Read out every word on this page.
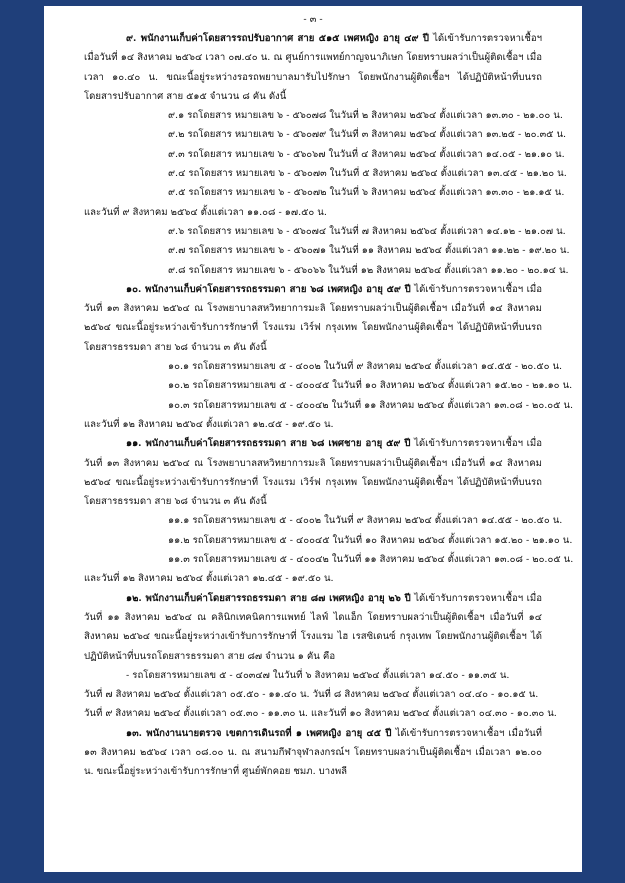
- ๓ -

๙. พนักงานเก็บค่าโดยสารรถปรับอากาศ สาย ๕๑๕ เพศหญิง อายุ ๔๙ ปี ได้เข้ารับการตรวจหาเชื้อฯ เมื่อวันที่ ๑๔ สิงหาคม ๒๕๖๔ เวลา ๐๗.๔๐ น. ณ ศูนย์การแพทย์กาญจนาภิเษก โดยทราบผลว่าเป็นผู้ติดเชื้อฯ เมื่อเวลา ๑๐.๔๐ น. ขณะนี้อยู่ระหว่างรอรถพยาบาลมารับไปรักษา โดยพนักงานผู้ติดเชื้อฯ ได้ปฏิบัติหน้าที่บนรถโดยสารปรับอากาศ สาย ๕๑๕ จำนวน ๘ คัน ดังนี้

๙.๑ รถโดยสาร หมายเลข ๖ - ๕๖๐๗๘ ในวันที่ ๒ สิงหาคม ๒๕๖๔ ตั้งแต่เวลา ๑๓.๓๐ - ๒๑.๐๐ น.
๙.๒ รถโดยสาร หมายเลข ๖ - ๕๖๐๗๙ ในวันที่ ๓ สิงหาคม ๒๕๖๔ ตั้งแต่เวลา ๑๓.๒๕ - ๒๐.๓๕ น.
๙.๓ รถโดยสาร หมายเลข ๖ - ๕๖๐๖๗ ในวันที่ ๔ สิงหาคม ๒๕๖๔ ตั้งแต่เวลา ๑๔.๐๕ - ๒๑.๑๐ น.
๙.๔ รถโดยสาร หมายเลข ๖ - ๕๖๐๗๓ ในวันที่ ๕ สิงหาคม ๒๕๖๔ ตั้งแต่เวลา ๑๓.๔๕ - ๒๑.๒๐ น.
๙.๕ รถโดยสาร หมายเลข ๖ - ๕๖๐๗๒ ในวันที่ ๖ สิงหาคม ๒๕๖๔ ตั้งแต่เวลา ๑๓.๓๐ - ๒๑.๑๕ น.
และวันที่ ๙ สิงหาคม ๒๕๖๔ ตั้งแต่เวลา ๑๑.๐๘ - ๑๗.๕๐ น.
๙.๖ รถโดยสาร หมายเลข ๖ - ๕๖๐๗๔ ในวันที่ ๗ สิงหาคม ๒๕๖๔ ตั้งแต่เวลา ๑๔.๑๒ - ๒๑.๐๗ น.
๙.๗ รถโดยสาร หมายเลข ๖ - ๕๖๐๗๑ ในวันที่ ๑๑ สิงหาคม ๒๕๖๔ ตั้งแต่เวลา ๑๑.๒๒ - ๑๙.๒๐ น.
๙.๘ รถโดยสาร หมายเลข ๖ - ๕๖๐๖๖ ในวันที่ ๑๒ สิงหาคม ๒๕๖๔ ตั้งแต่เวลา ๑๑.๒๐ - ๒๐.๑๔ น.

๑๐. พนักงานเก็บค่าโดยสารรถธรรมดา สาย ๖๘ เพศหญิง อายุ ๕๙ ปี ได้เข้ารับการตรวจหาเชื้อฯ เมื่อวันที่ ๑๓ สิงหาคม ๒๕๖๔ ณ โรงพยาบาลสหวิทยาการมะลิ โดยทราบผลว่าเป็นผู้ติดเชื้อฯ เมื่อวันที่ ๑๔ สิงหาคม ๒๕๖๔ ขณะนี้อยู่ระหว่างเข้ารับการรักษาที่ โรงแรม เวิร์ฟ กรุงเทพ โดยพนักงานผู้ติดเชื้อฯ ได้ปฏิบัติหน้าที่บนรถโดยสารธรรมดา สาย ๖๘ จำนวน ๓ คัน ดังนี้

๑๐.๑ รถโดยสารหมายเลข ๕ - ๔๐๐๒ ในวันที่ ๙ สิงหาคม ๒๕๖๔ ตั้งแต่เวลา ๑๔.๕๕ - ๒๐.๕๐ น.
๑๐.๒ รถโดยสารหมายเลข ๕ - ๔๐๐๔๕ ในวันที่ ๑๐ สิงหาคม ๒๕๖๔ ตั้งแต่เวลา ๑๕.๒๐ - ๒๑.๑๐ น.
๑๐.๓ รถโดยสารหมายเลข ๕ - ๔๐๐๔๒ ในวันที่ ๑๑ สิงหาคม ๒๕๖๔ ตั้งแต่เวลา ๑๓.๐๘ - ๒๐.๐๕ น.
และวันที่ ๑๒ สิงหาคม ๒๕๖๔ ตั้งแต่เวลา ๑๒.๔๕ - ๑๙.๕๐ น.

๑๑. พนักงานเก็บค่าโดยสารรถธรรมดา สาย ๖๘ เพศชาย อายุ ๕๙ ปี ได้เข้ารับการตรวจหาเชื้อฯ เมื่อวันที่ ๑๓ สิงหาคม ๒๕๖๔ ณ โรงพยาบาลสหวิทยาการมะลิ โดยทราบผลว่าเป็นผู้ติดเชื้อฯ เมื่อวันที่ ๑๔ สิงหาคม ๒๕๖๔ ขณะนี้อยู่ระหว่างเข้ารับการรักษาที่ โรงแรม เวิร์ฟ กรุงเทพ โดยพนักงานผู้ติดเชื้อฯ ได้ปฏิบัติหน้าที่บนรถโดยสารธรรมดา สาย ๖๘ จำนวน ๓ คัน ดังนี้

๑๑.๑ รถโดยสารหมายเลข ๕ - ๔๐๐๒ ในวันที่ ๙ สิงหาคม ๒๕๖๔ ตั้งแต่เวลา ๑๔.๕๕ - ๒๐.๕๐ น.
๑๑.๒ รถโดยสารหมายเลข ๕ - ๔๐๐๔๕ ในวันที่ ๑๐ สิงหาคม ๒๕๖๔ ตั้งแต่เวลา ๑๕.๒๐ - ๒๑.๑๐ น.
๑๑.๓ รถโดยสารหมายเลข ๕ - ๔๐๐๔๒ ในวันที่ ๑๑ สิงหาคม ๒๕๖๔ ตั้งแต่เวลา ๑๓.๐๘ - ๒๐.๐๕ น.
และวันที่ ๑๒ สิงหาคม ๒๕๖๔ ตั้งแต่เวลา ๑๒.๔๕ - ๑๙.๕๐ น.

๑๒. พนักงานเก็บค่าโดยสารรถธรรมดา สาย ๘๗ เพศหญิง อายุ ๒๖ ปี ได้เข้ารับการตรวจหาเชื้อฯ เมื่อวันที่ ๑๑ สิงหาคม ๒๕๖๔ ณ คลินิกเทคนิคการแพทย์ ไลฟ์ ไดแอ็ก โดยทราบผลว่าเป็นผู้ติดเชื้อฯ เมื่อวันที่ ๑๔ สิงหาคม ๒๕๖๔ ขณะนี้อยู่ระหว่างเข้ารับการรักษาที่ โรงแรม ไฮ เรสซิเดนซ์ กรุงเทพ โดยพนักงานผู้ติดเชื้อฯ ได้ปฏิบัติหน้าที่บนรถโดยสารธรรมดา สาย ๘๗ จำนวน ๑ คัน คือ

- รถโดยสารหมายเลข ๕ - ๔๐๓๔๗ ในวันที่ ๖ สิงหาคม ๒๕๖๔ ตั้งแต่เวลา ๑๔.๕๐ - ๑๑.๓๕ น.
วันที่ ๗ สิงหาคม ๒๕๖๔ ตั้งแต่เวลา ๐๕.๕๐ - ๑๑.๔๐ น. วันที่ ๘ สิงหาคม ๒๕๖๔ ตั้งแต่เวลา ๐๔.๔๐ - ๑๐.๑๕ น.
วันที่ ๙ สิงหาคม ๒๕๖๔ ตั้งแต่เวลา ๐๕.๓๐ - ๑๑.๓๐ น. และวันที่ ๑๐ สิงหาคม ๒๕๖๔ ตั้งแต่เวลา ๐๔.๓๐ - ๑๐.๓๐ น.

๑๓. พนักงานนายตรวจ เขตการเดินรถที่ ๑ เพศหญิง อายุ ๔๕ ปี ได้เข้ารับการตรวจหาเชื้อฯ เมื่อวันที่ ๑๓ สิงหาคม ๒๕๖๔ เวลา ๐๘.๐๐ น. ณ สนามกีฬาจุฬาลงกรณ์ฯ โดยทราบผลว่าเป็นผู้ติดเชื้อฯ เมื่อเวลา ๑๒.๐๐ น. ขณะนี้อยู่ระหว่างเข้ารับการรักษาที่ ศูนย์พักคอย ชมภ. บางพลี
